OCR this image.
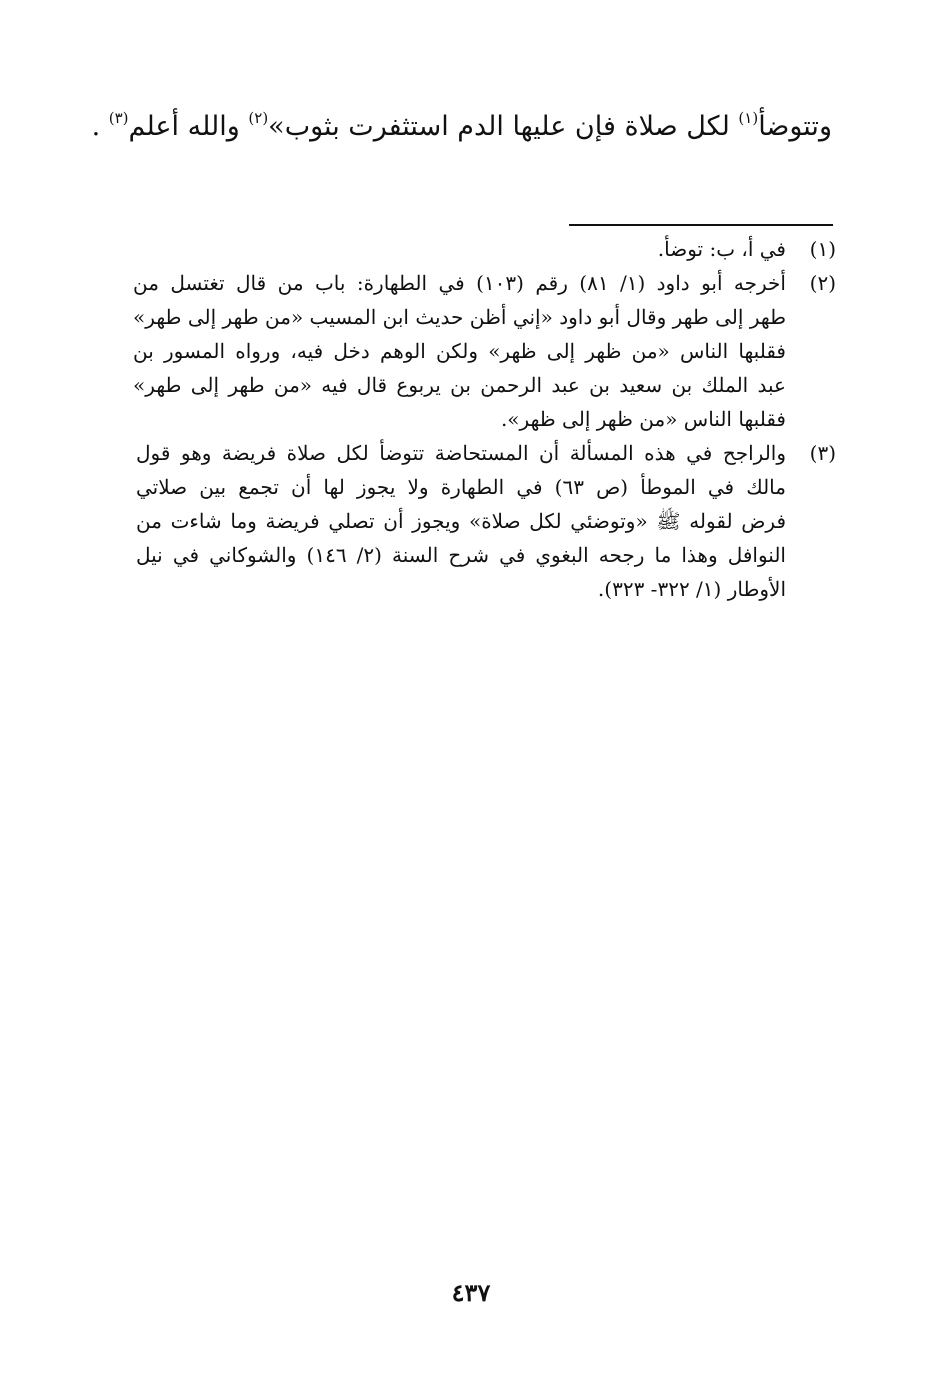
وتتوضأ$^{(١)}$ لكل صلاة فإن عليها الدم استثفرت بثوب»$^{(٢)}$ والله أعلم$^{(٣)}$ .
(١)
في أ، ب: توضأ.
(٢)
أخرجه أبو داود (١/ ٨١) رقم (١٠٣) في الطهارة: باب من قال تغتسل من
طهر إلى طهر وقال أبو داود «إني أظن حديث ابن المسيب «من طهر إلى طهر»
فقلبها الناس «من ظهر إلى ظهر» ولكن الوهم دخل فيه، ورواه المسور بن
عبد الملك بن سعيد بن عبد الرحمن بن يربوع قال فيه «من طهر إلى طهر»
فقلبها الناس «من ظهر إلى ظهر».
(٣)
والراجح في هذه المسألة أن المستحاضة تتوضأ لكل صلاة فريضة وهو قول
مالك في الموطأ (ص ٦٣) في الطهارة ولا يجوز لها أن تجمع بين صلاتي
فرض لقوله ﷺ «وتوضئي لكل صلاة» ويجوز أن تصلي فريضة وما شاءت من
النوافل وهذا ما رجحه البغوي في شرح السنة (٢/ ١٤٦) والشوكاني في نيل
الأوطار (١/ ٣٢٢- ٣٢٣).
٤٣٧
